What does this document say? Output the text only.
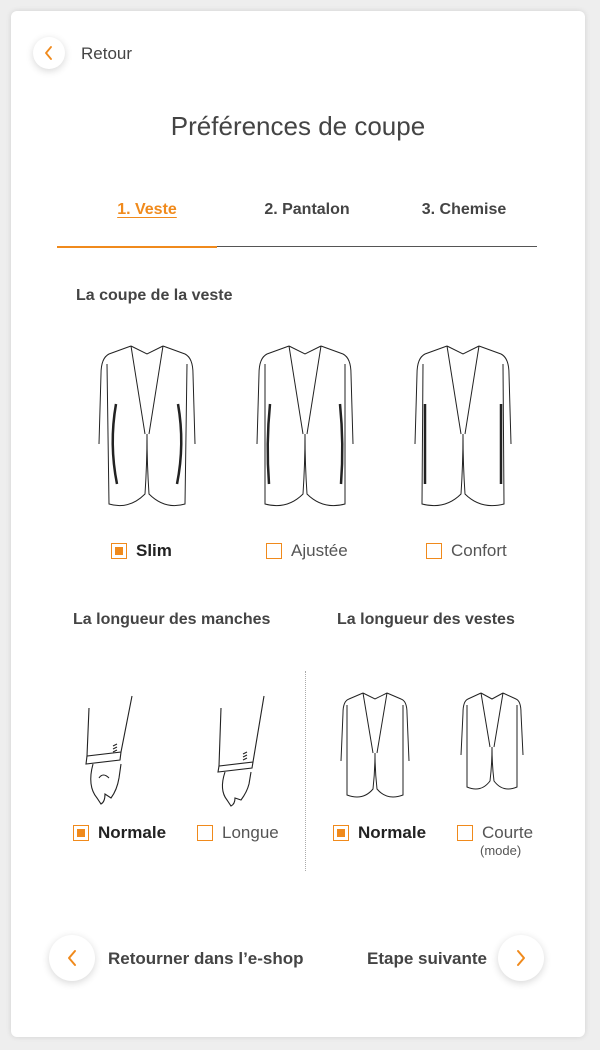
Retour
Préférences de coupe
1. Veste	2. Pantalon	3. Chemise
La coupe de la veste
Slim	Ajustée	Confort
La longueur des manches	La longueur des vestes
Normale	Longue	Normale	Courte
(mode)
Retourner dans l’e-shop	Etape suivante
